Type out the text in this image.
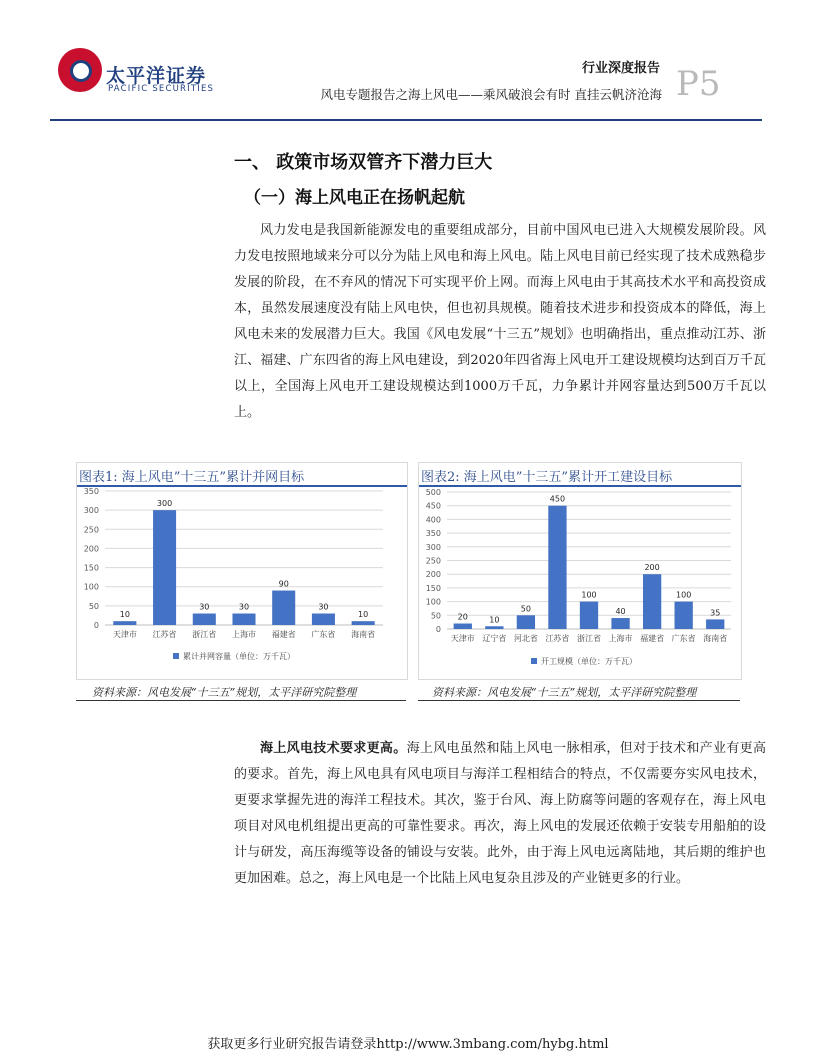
太平洋证券
PACIFIC SECURITIES
行业深度报告
风电专题报告之海上风电——乘风破浪会有时 直挂云帆济沧海 P5
一、 政策市场双管齐下潜力巨大
（一）海上风电正在扬帆起航

风力发电是我国新能源发电的重要组成部分，目前中国风电已进入大规模发展阶段。风力发电按照地域来分可以分为陆上风电和海上风电。陆上风电目前已经实现了技术成熟稳步发展的阶段，在不弃风的情况下可实现平价上网。而海上风电由于其高技术水平和高投资成本，虽然发展速度没有陆上风电快，但也初具规模。随着技术进步和投资成本的降低，海上风电未来的发展潜力巨大。我国《风电发展“十三五”规划》也明确指出，重点推动江苏、浙江、福建、广东四省的海上风电建设，到2020年四省海上风电开工建设规模均达到百万千瓦以上，全国海上风电开工建设规模达到1000万千瓦，力争累计并网容量达到500万千瓦以上。

图表1: 海上风电”十三五”累计并网目标
0
50
100
150
200
250
300
350
10
天津市
300
江苏省
30
浙江省
30
上海市
90
福建省
30
广东省
10
海南省
累计并网容量（单位：万千瓦）
图表2: 海上风电”十三五”累计开工建设目标
0
50
100
150
200
250
300
350
400
450
500
20
天津市
10
辽宁省
50
河北省
450
江苏省
100
浙江省
40
上海市
200
福建省
100
广东省
35
海南省
开工规模（单位：万千瓦）
资料来源：风电发展“十三五”规划，太平洋研究院整理	资料来源：风电发展“十三五”规划，太平洋研究院整理

海上风电技术要求更高。海上风电虽然和陆上风电一脉相承，但对于技术和产业有更高的要求。首先，海上风电具有风电项目与海洋工程相结合的特点，不仅需要夯实风电技术，更要求掌握先进的海洋工程技术。其次，鉴于台风、海上防腐等问题的客观存在，海上风电项目对风电机组提出更高的可靠性要求。再次，海上风电的发展还依赖于安装专用船舶的设计与研发，高压海缆等设备的铺设与安装。此外，由于海上风电远离陆地，其后期的维护也更加困难。总之，海上风电是一个比陆上风电复杂且涉及的产业链更多的行业。

获取更多行业研究报告请登录http://www.3mbang.com/hybg.html
